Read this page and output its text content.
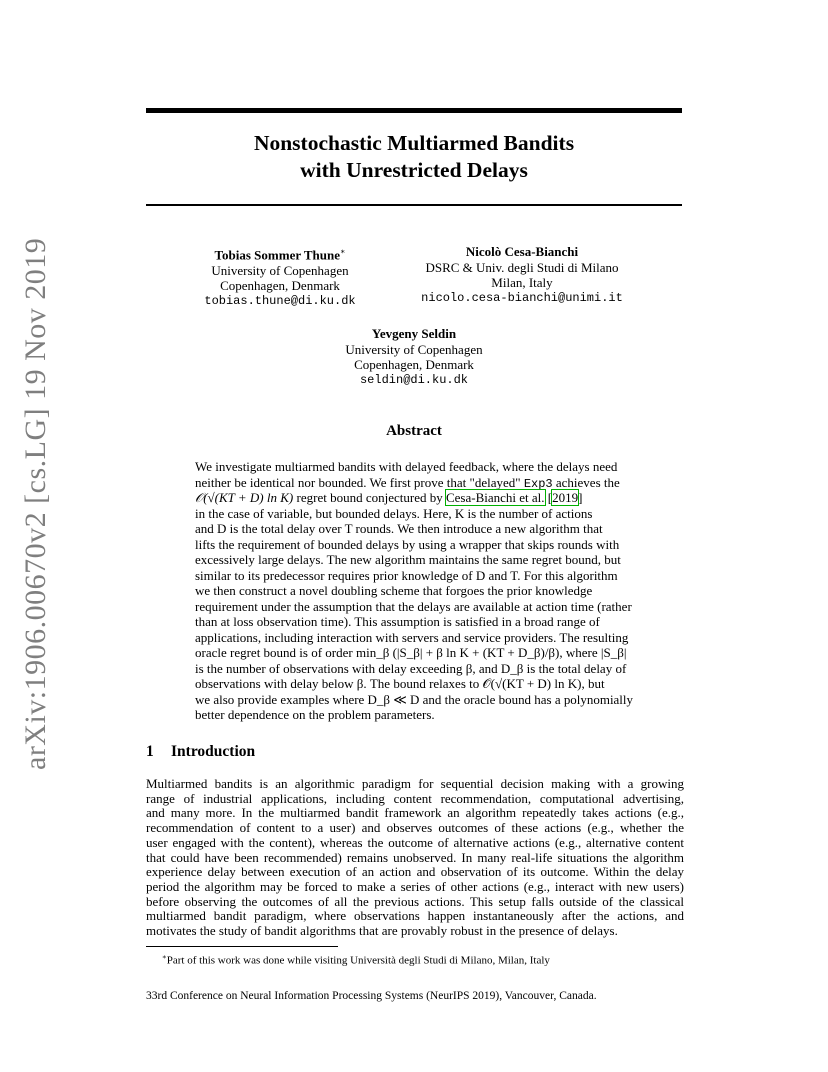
arXiv:1906.00670v2 [cs.LG] 19 Nov 2019
Nonstochastic Multiarmed Bandits
with Unrestricted Delays
Tobias Sommer Thune∗
University of Copenhagen
Copenhagen, Denmark
tobias.thune@di.ku.dk
Nicolò Cesa-Bianchi
DSRC & Univ. degli Studi di Milano
Milan, Italy
nicolo.cesa-bianchi@unimi.it
Yevgeny Seldin
University of Copenhagen
Copenhagen, Denmark
seldin@di.ku.dk
Abstract
We investigate multiarmed bandits with delayed feedback, where the delays need
neither be identical nor bounded. We first prove that "delayed" Exp3 achieves the
𝒪(√(KT + D) ln K) regret bound conjectured by Cesa-Bianchi et al. [2019]
in the case of variable, but bounded delays. Here, K is the number of actions
and D is the total delay over T rounds. We then introduce a new algorithm that
lifts the requirement of bounded delays by using a wrapper that skips rounds with
excessively large delays. The new algorithm maintains the same regret bound, but
similar to its predecessor requires prior knowledge of D and T. For this algorithm
we then construct a novel doubling scheme that forgoes the prior knowledge
requirement under the assumption that the delays are available at action time (rather
than at loss observation time). This assumption is satisfied in a broad range of
applications, including interaction with servers and service providers. The resulting
oracle regret bound is of order min_β (|S_β| + β ln K + (KT + D_β)/β), where |S_β|
is the number of observations with delay exceeding β, and D_β is the total delay of
observations with delay below β. The bound relaxes to 𝒪(√(KT + D) ln K), but
we also provide examples where D_β ≪ D and the oracle bound has a polynomially
better dependence on the problem parameters.
1 Introduction
Multiarmed bandits is an algorithmic paradigm for sequential decision making with a growing
range of industrial applications, including content recommendation, computational advertising,
and many more. In the multiarmed bandit framework an algorithm repeatedly takes actions (e.g.,
recommendation of content to a user) and observes outcomes of these actions (e.g., whether the
user engaged with the content), whereas the outcome of alternative actions (e.g., alternative content
that could have been recommended) remains unobserved. In many real-life situations the algorithm
experience delay between execution of an action and observation of its outcome. Within the delay
period the algorithm may be forced to make a series of other actions (e.g., interact with new users)
before observing the outcomes of all the previous actions. This setup falls outside of the classical
multiarmed bandit paradigm, where observations happen instantaneously after the actions, and
motivates the study of bandit algorithms that are provably robust in the presence of delays.
∗Part of this work was done while visiting Università degli Studi di Milano, Milan, Italy
33rd Conference on Neural Information Processing Systems (NeurIPS 2019), Vancouver, Canada.
